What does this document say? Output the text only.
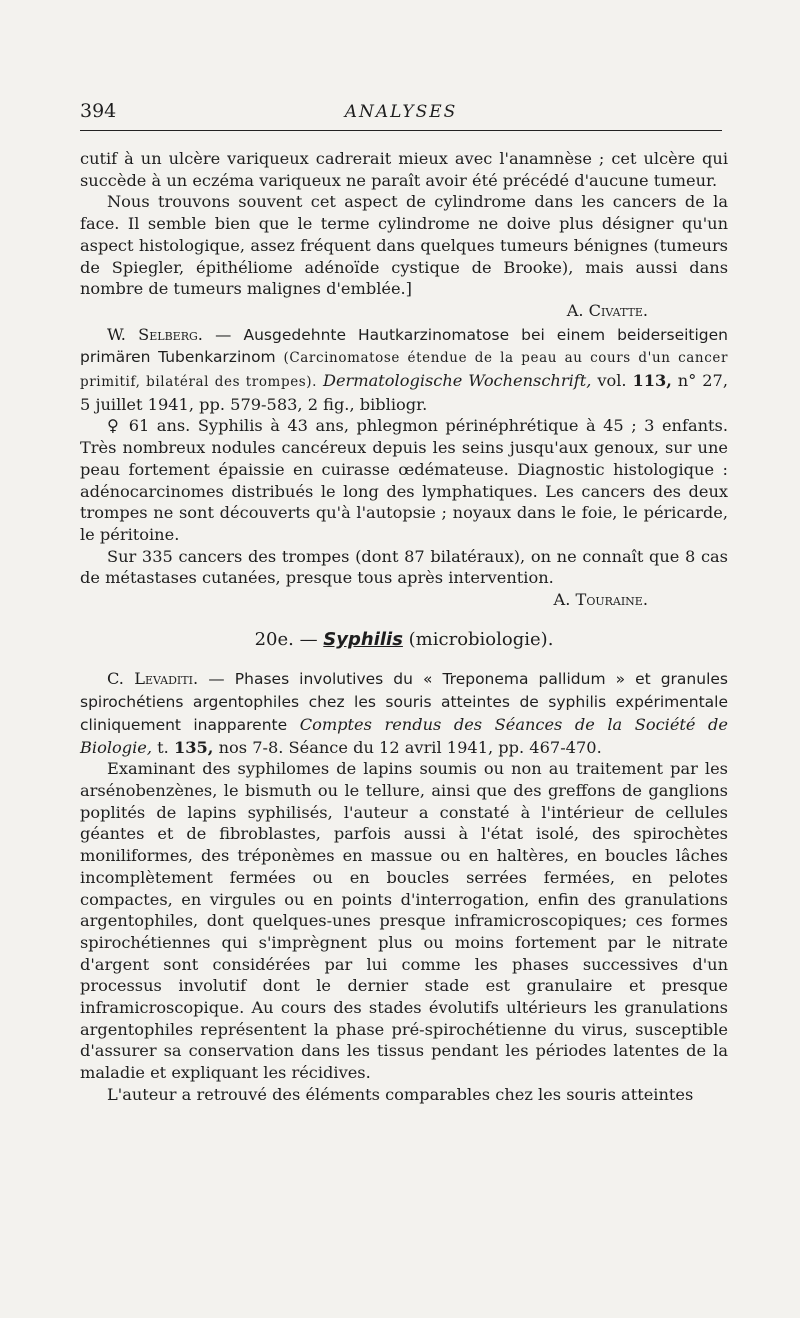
394	ANALYSES

cutif à un ulcère variqueux cadrerait mieux avec l'anamnèse ; cet ulcère qui succède à un eczéma variqueux ne paraît avoir été précédé d'aucune tumeur.

Nous trouvons souvent cet aspect de cylindrome dans les cancers de la face. Il semble bien que le terme cylindrome ne doive plus désigner qu'un aspect histologique, assez fréquent dans quelques tumeurs bénignes (tumeurs de Spiegler, épithéliome adénoïde cystique de Brooke), mais aussi dans nombre de tumeurs malignes d'emblée.]

A. Civatte.

W. Selberg. — Ausgedehnte Hautkarzinomatose bei einem beiderseitigen primären Tubenkarzinom (Carcinomatose étendue de la peau au cours d'un cancer primitif, bilatéral des trompes). Dermatologische Wochenschrift, vol. 113, n° 27, 5 juillet 1941, pp. 579-583, 2 fig., bibliogr.

♀ 61 ans. Syphilis à 43 ans, phlegmon périnéphrétique à 45 ; 3 enfants. Très nombreux nodules cancéreux depuis les seins jusqu'aux genoux, sur une peau fortement épaissie en cuirasse œdémateuse. Diagnostic histologique : adénocarcinomes distribués le long des lymphatiques. Les cancers des deux trompes ne sont découverts qu'à l'autopsie ; noyaux dans le foie, le péricarde, le péritoine.

Sur 335 cancers des trompes (dont 87 bilatéraux), on ne connaît que 8 cas de métastases cutanées, presque tous après intervention.

A. Touraine.

20e. — Syphilis (microbiologie).

C. Levaditi. — Phases involutives du « Treponema pallidum » et granules spirochétiens argentophiles chez les souris atteintes de syphilis expérimentale cliniquement inapparente Comptes rendus des Séances de la Société de Biologie, t. 135, nos 7-8. Séance du 12 avril 1941, pp. 467-470.

Examinant des syphilomes de lapins soumis ou non au traitement par les arsénobenzènes, le bismuth ou le tellure, ainsi que des greffons de ganglions poplités de lapins syphilisés, l'auteur a constaté à l'intérieur de cellules géantes et de fibroblastes, parfois aussi à l'état isolé, des spirochètes moniliformes, des tréponèmes en massue ou en haltères, en boucles lâches incomplètement fermées ou en boucles serrées fermées, en pelotes compactes, en virgules ou en points d'interrogation, enfin des granulations argentophiles, dont quelques-unes presque inframicroscopiques; ces formes spirochétiennes qui s'imprègnent plus ou moins fortement par le nitrate d'argent sont considérées par lui comme les phases successives d'un processus involutif dont le dernier stade est granulaire et presque inframicroscopique. Au cours des stades évolutifs ultérieurs les granulations argentophiles représentent la phase pré-spirochétienne du virus, susceptible d'assurer sa conservation dans les tissus pendant les périodes latentes de la maladie et expliquant les récidives.

L'auteur a retrouvé des éléments comparables chez les souris atteintes
